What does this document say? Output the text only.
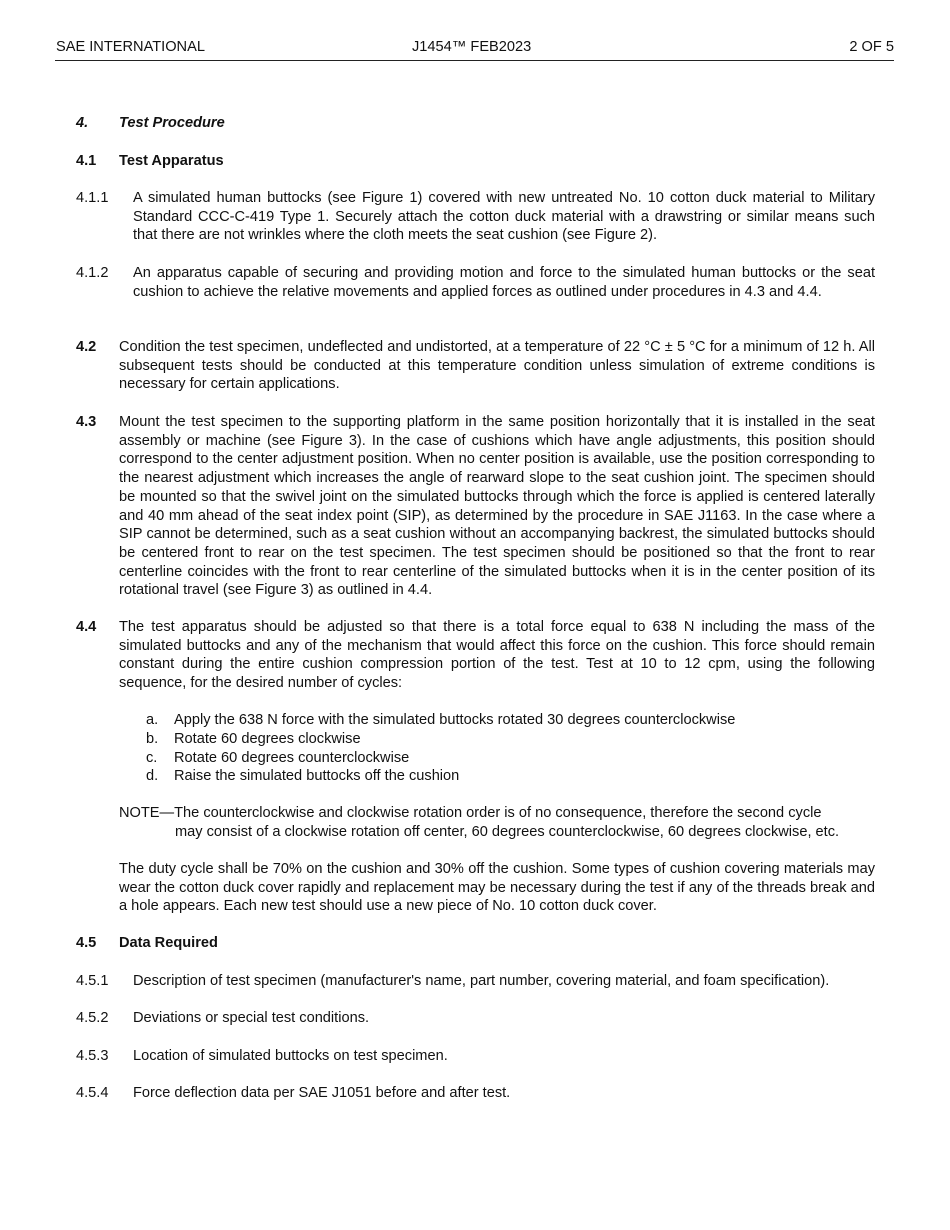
SAE INTERNATIONAL	J1454™ FEB2023	2 OF 5
4. Test Procedure
4.1 Test Apparatus
4.1.1 A simulated human buttocks (see Figure 1) covered with new untreated No. 10 cotton duck material to Military Standard CCC-C-419 Type 1. Securely attach the cotton duck material with a drawstring or similar means such that there are not wrinkles where the cloth meets the seat cushion (see Figure 2).
4.1.2 An apparatus capable of securing and providing motion and force to the simulated human buttocks or the seat cushion to achieve the relative movements and applied forces as outlined under procedures in 4.3 and 4.4.
4.2 Condition the test specimen, undeflected and undistorted, at a temperature of 22 °C ± 5 °C for a minimum of 12 h. All subsequent tests should be conducted at this temperature condition unless simulation of extreme conditions is necessary for certain applications.
4.3 Mount the test specimen to the supporting platform in the same position horizontally that it is installed in the seat assembly or machine (see Figure 3). In the case of cushions which have angle adjustments, this position should correspond to the center adjustment position. When no center position is available, use the position corresponding to the nearest adjustment which increases the angle of rearward slope to the seat cushion joint. The specimen should be mounted so that the swivel joint on the simulated buttocks through which the force is applied is centered laterally and 40 mm ahead of the seat index point (SIP), as determined by the procedure in SAE J1163. In the case where a SIP cannot be determined, such as a seat cushion without an accompanying backrest, the simulated buttocks should be centered front to rear on the test specimen. The test specimen should be positioned so that the front to rear centerline coincides with the front to rear centerline of the simulated buttocks when it is in the center position of its rotational travel (see Figure 3) as outlined in 4.4.
4.4 The test apparatus should be adjusted so that there is a total force equal to 638 N including the mass of the simulated buttocks and any of the mechanism that would affect this force on the cushion. This force should remain constant during the entire cushion compression portion of the test. Test at 10 to 12 cpm, using the following sequence, for the desired number of cycles:
a.	Apply the 638 N force with the simulated buttocks rotated 30 degrees counterclockwise
b.	Rotate 60 degrees clockwise
c.	Rotate 60 degrees counterclockwise
d.	Raise the simulated buttocks off the cushion
NOTE—The counterclockwise and clockwise rotation order is of no consequence, therefore the second cycle
may consist of a clockwise rotation off center, 60 degrees counterclockwise, 60 degrees clockwise, etc.
The duty cycle shall be 70% on the cushion and 30% off the cushion. Some types of cushion covering materials may wear the cotton duck cover rapidly and replacement may be necessary during the test if any of the threads break and a hole appears. Each new test should use a new piece of No. 10 cotton duck cover.
4.5 Data Required
4.5.1 Description of test specimen (manufacturer's name, part number, covering material, and foam specification).
4.5.2 Deviations or special test conditions.
4.5.3 Location of simulated buttocks on test specimen.
4.5.4 Force deflection data per SAE J1051 before and after test.
